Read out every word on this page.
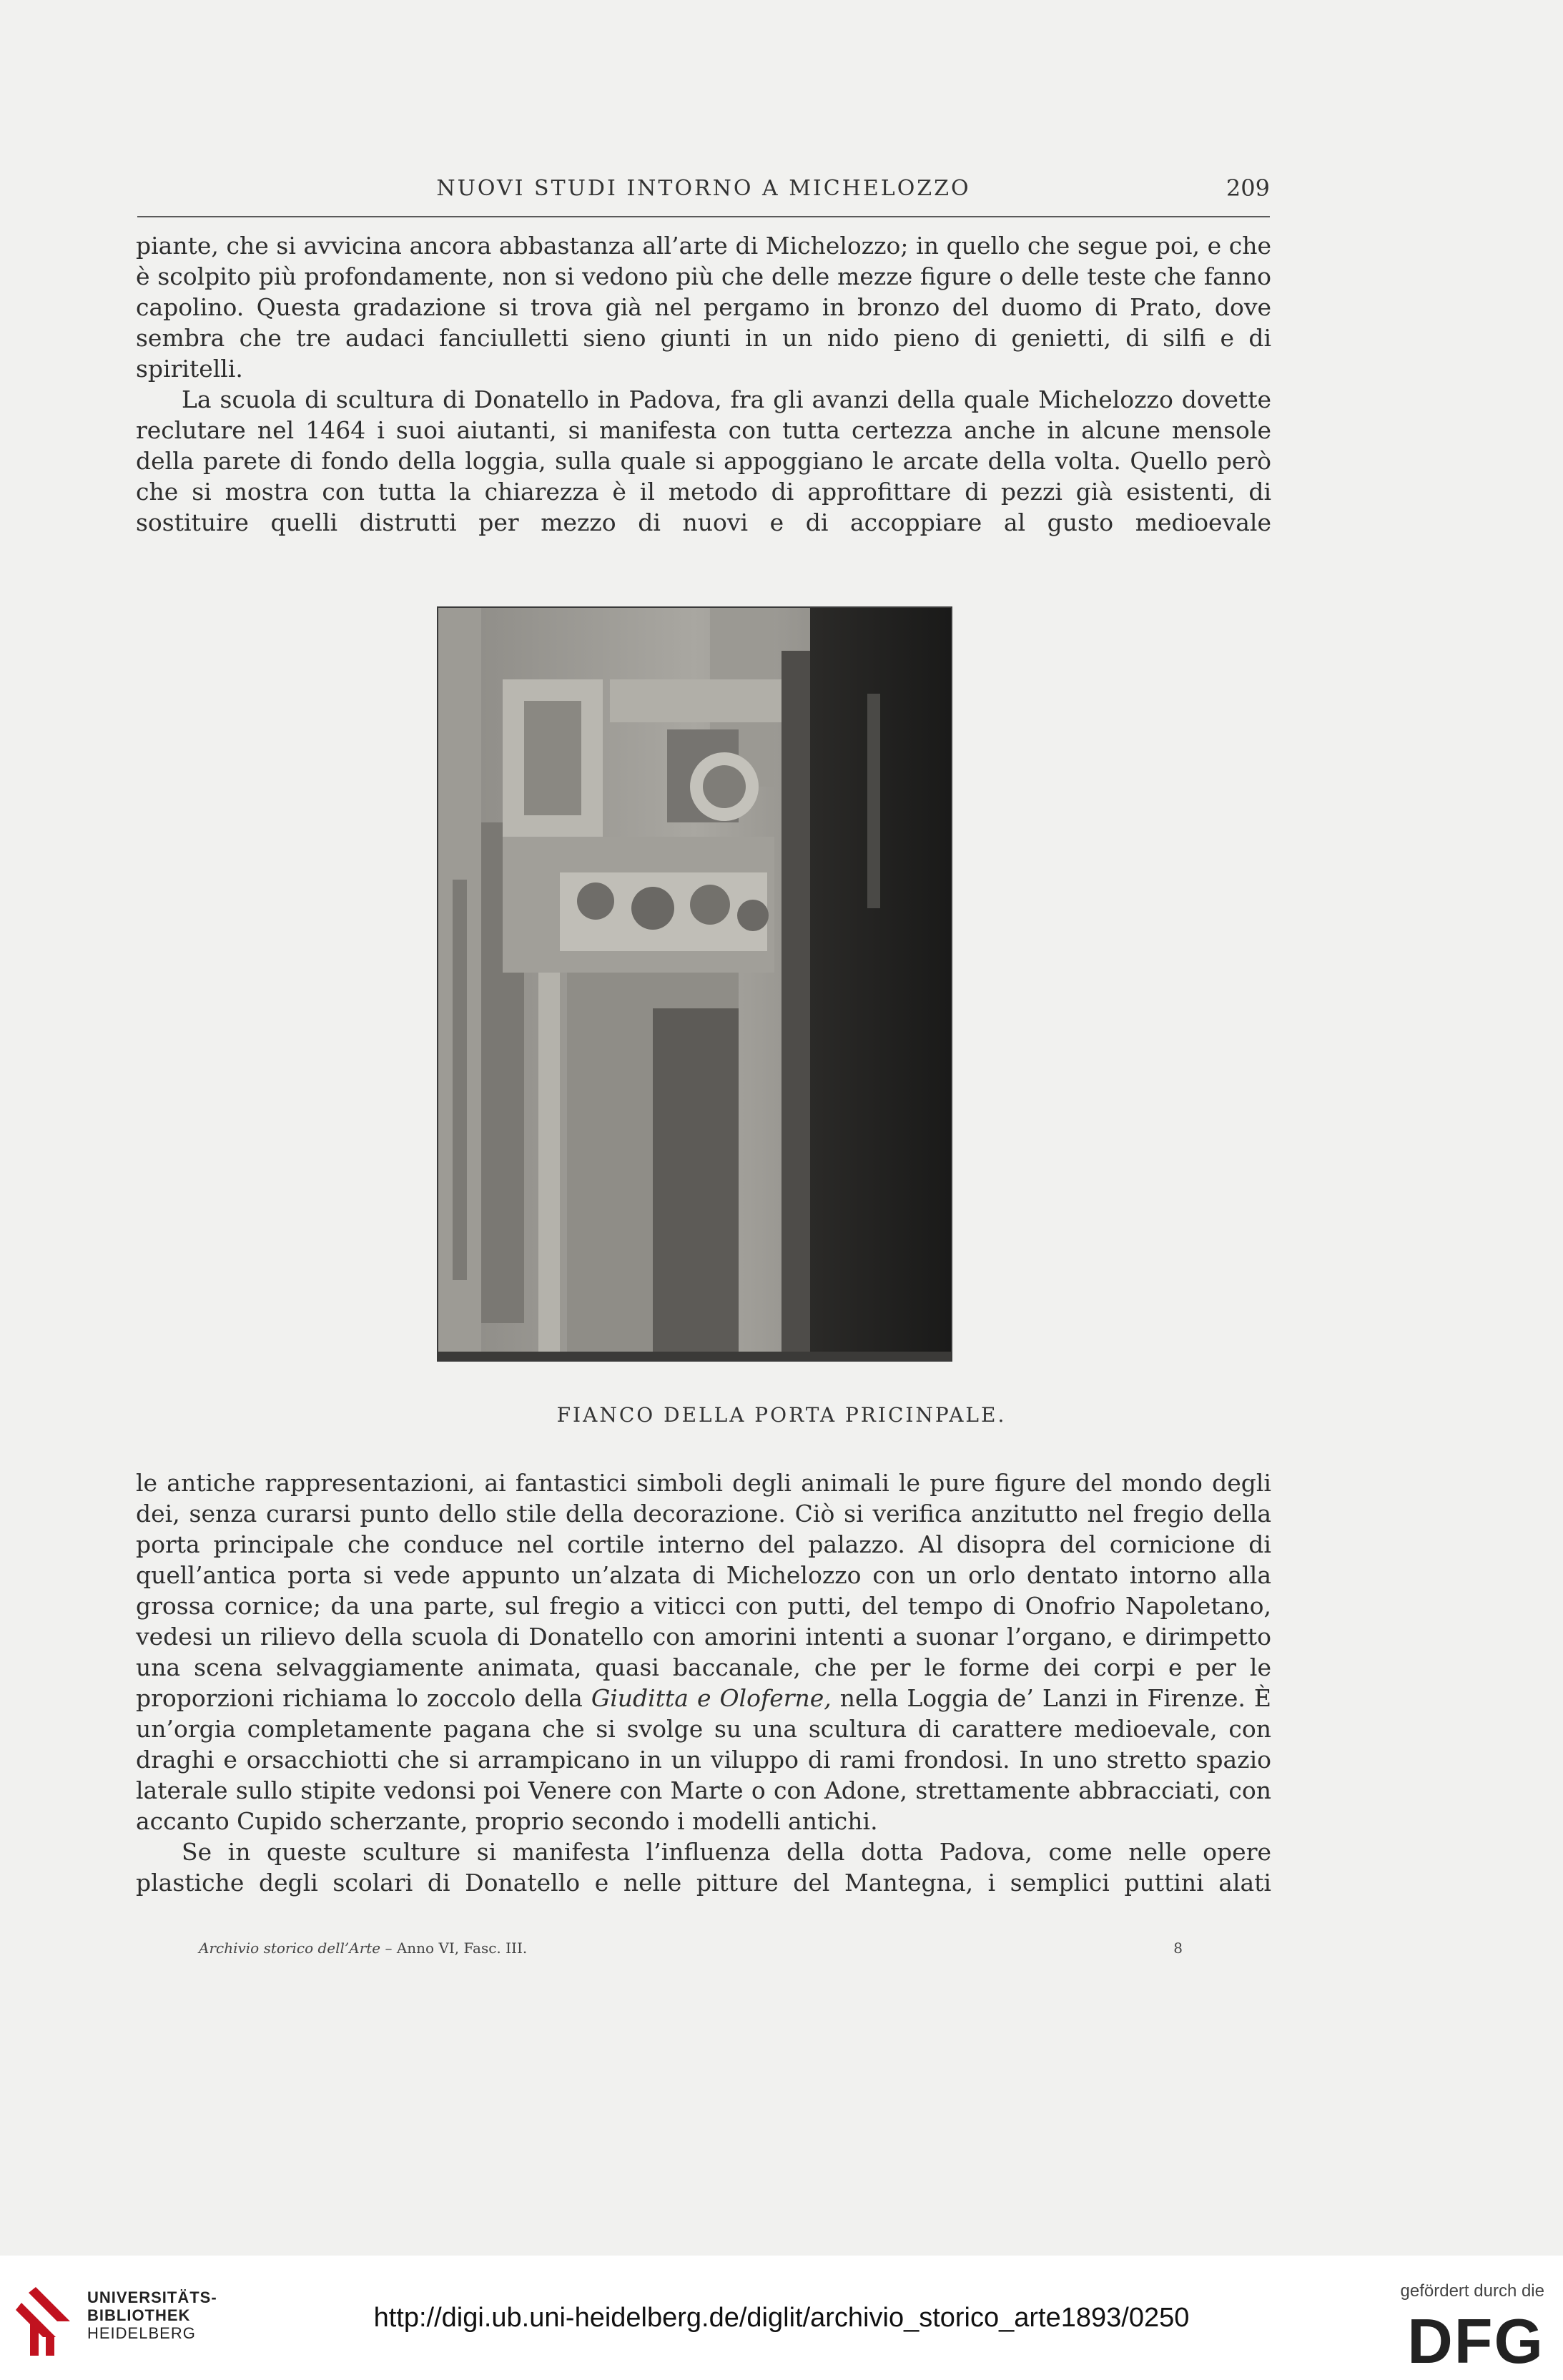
NUOVI STUDI INTORNO A MICHELOZZO	209

piante, che si avvicina ancora abbastanza all’arte di Michelozzo; in quello che segue poi, e che è scolpito più profondamente, non si vedono più che delle mezze figure o delle teste che fanno capolino. Questa gradazione si trova già nel pergamo in bronzo del duomo di Prato, dove sembra che tre audaci fanciulletti sieno giunti in un nido pieno di genietti, di silfi e di spiritelli.

La scuola di scultura di Donatello in Padova, fra gli avanzi della quale Michelozzo dovette reclutare nel 1464 i suoi aiutanti, si manifesta con tutta certezza anche in alcune mensole della parete di fondo della loggia, sulla quale si appoggiano le arcate della volta. Quello però che si mostra con tutta la chiarezza è il metodo di approfittare di pezzi già esistenti, di sostituire quelli distrutti per mezzo di nuovi e di accoppiare al gusto medioevale

FIANCO DELLA PORTA PRICINPALE.

le antiche rappresentazioni, ai fantastici simboli degli animali le pure figure del mondo degli dei, senza curarsi punto dello stile della decorazione. Ciò si verifica anzitutto nel fregio della porta principale che conduce nel cortile interno del palazzo. Al disopra del cornicione di quell’antica porta si vede appunto un’alzata di Michelozzo con un orlo dentato intorno alla grossa cornice; da una parte, sul fregio a viticci con putti, del tempo di Onofrio Napoletano, vedesi un rilievo della scuola di Donatello con amorini intenti a suonar l’organo, e dirimpetto una scena selvaggiamente animata, quasi baccanale, che per le forme dei corpi e per le proporzioni richiama lo zoccolo della Giuditta e Oloferne, nella Loggia de’ Lanzi in Firenze. È un’orgia completamente pagana che si svolge su una scultura di carattere medioevale, con draghi e orsacchiotti che si arrampicano in un viluppo di rami frondosi. In uno stretto spazio laterale sullo stipite vedonsi poi Venere con Marte o con Adone, strettamente abbracciati, con accanto Cupido scherzante, proprio secondo i modelli antichi.

Se in queste sculture si manifesta l’influenza della dotta Padova, come nelle opere plastiche degli scolari di Donatello e nelle pitture del Mantegna, i semplici puttini alati

Archivio storico dell’Arte – Anno VI, Fasc. III.	8
UNIVERSITÄTS-
BIBLIOTHEK
HEIDELBERG
http://digi.ub.uni-heidelberg.de/diglit/archivio_storico_arte1893/0250
gefördert durch die
DFG
